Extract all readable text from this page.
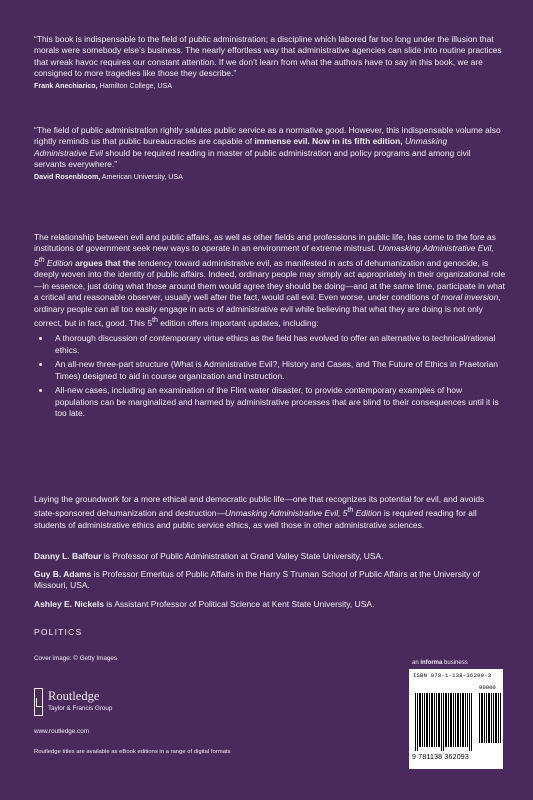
“This book is indispensable to the field of public administration; a discipline which labored far too long under the illusion that morals were somebody else’s business. The nearly effortless way that administrative agencies can slide into routine practices that wreak havoc requires our constant attention. If we don’t learn from what the authors have to say in this book, we are consigned to more tragedies like those they describe.”

Frank Anechiarico, Hamilton College, USA

“The field of public administration rightly salutes public service as a normative good. However, this indispensable volume also rightly reminds us that public bureaucracies are capable of immense evil. Now in its fifth edition, Unmasking Administrative Evil should be required reading in master of public administration and policy programs and among civil servants everywhere.”

David Rosenbloom, American University, USA

The relationship between evil and public affairs, as well as other fields and professions in public life, has come to the fore as institutions of government seek new ways to operate in an environment of extreme mistrust. Unmasking Administrative Evil, 5th Edition argues that the tendency toward administrative evil, as manifested in acts of dehumanization and genocide, is deeply woven into the identity of public affairs. Indeed, ordinary people may simply act appropriately in their organizational role—in essence, just doing what those around them would agree they should be doing—and at the same time, participate in what a critical and reasonable observer, usually well after the fact, would call evil. Even worse, under conditions of moral inversion, ordinary people can all too easily engage in acts of administrative evil while believing that what they are doing is not only correct, but in fact, good. This 5th edition offers important updates, including:

A thorough discussion of contemporary virtue ethics as the field has evolved to offer an alternative to technical/rational ethics.
An all-new three-part structure (What is Administrative Evil?, History and Cases, and The Future of Ethics in Praetorian Times) designed to aid in course organization and instruction.
All-new cases, including an examination of the Flint water disaster, to provide contemporary examples of how populations can be marginalized and harmed by administrative processes that are blind to their consequences until it is too late.

Laying the groundwork for a more ethical and democratic public life—one that recognizes its potential for evil, and avoids state-sponsored dehumanization and destruction—Unmasking Administrative Evil, 5th Edition is required reading for all students of administrative ethics and public service ethics, as well those in other administrative sciences.

Danny L. Balfour is Professor of Public Administration at Grand Valley State University, USA.

Guy B. Adams is Professor Emeritus of Public Affairs in the Harry S Truman School of Public Affairs at the University of Missouri, USA.

Ashley E. Nickels is Assistant Professor of Political Science at Kent State University, USA.

POLITICS
Cover image: © Getty Images
Routledge
Taylor & Francis Group
www.routledge.com
Routledge titles are available as eBook editions in a range of digital formats
an informa business
ISBN 978-1-138-36209-3
90000
9 781138 362093
